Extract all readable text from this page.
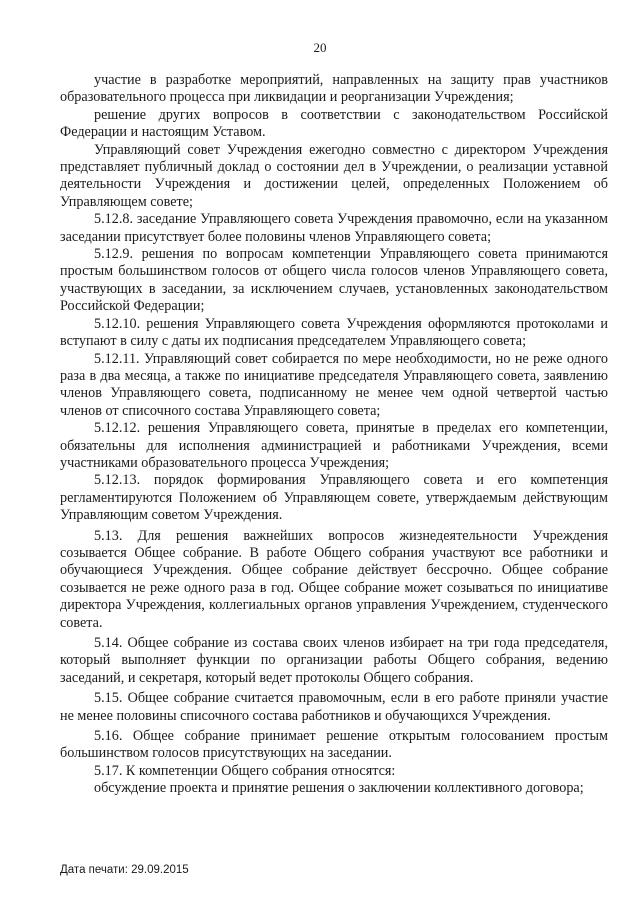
20

участие в разработке мероприятий, направленных на защиту прав участников образовательного процесса при ликвидации и реорганизации Учреждения;

решение других вопросов в соответствии с законодательством Российской Федерации и настоящим Уставом.

Управляющий совет Учреждения ежегодно совместно с директором Учреждения представляет публичный доклад о состоянии дел в Учреждении, о реализации уставной деятельности Учреждения и достижении целей, определенных Положением об Управляющем совете;

5.12.8. заседание Управляющего совета Учреждения правомочно, если на указанном заседании присутствует более половины членов Управляющего совета;

5.12.9. решения по вопросам компетенции Управляющего совета принимаются простым большинством голосов от общего числа голосов членов Управляющего совета, участвующих в заседании, за исключением случаев, установленных законодательством Российской Федерации;

5.12.10. решения Управляющего совета Учреждения оформляются протоколами и вступают в силу с даты их подписания председателем Управляющего совета;

5.12.11. Управляющий совет собирается по мере необходимости, но не реже одного раза в два месяца, а также по инициативе председателя Управляющего совета, заявлению членов Управляющего совета, подписанному не менее чем одной четвертой частью членов от списочного состава Управляющего совета;

5.12.12. решения Управляющего совета, принятые в пределах его компетенции, обязательны для исполнения администрацией и работниками Учреждения, всеми участниками образовательного процесса Учреждения;

5.12.13. порядок формирования Управляющего совета и его компетенция регламентируются Положением об Управляющем совете, утверждаемым действующим Управляющим советом Учреждения.

5.13. Для решения важнейших вопросов жизнедеятельности Учреждения созывается Общее собрание. В работе Общего собрания участвуют все работники и обучающиеся Учреждения. Общее собрание действует бессрочно. Общее собрание созывается не реже одного раза в год. Общее собрание может созываться по инициативе директора Учреждения, коллегиальных органов управления Учреждением, студенческого совета.

5.14. Общее собрание из состава своих членов избирает на три года председателя, который выполняет функции по организации работы Общего собрания, ведению заседаний, и секретаря, который ведет протоколы Общего собрания.

5.15. Общее собрание считается правомочным, если в его работе приняли участие не менее половины списочного состава работников и обучающихся Учреждения.

5.16. Общее собрание принимает решение открытым голосованием простым большинством голосов присутствующих на заседании.

5.17. К компетенции Общего собрания относятся:

обсуждение проекта и принятие решения о заключении коллективного договора;

Дата печати: 29.09.2015
